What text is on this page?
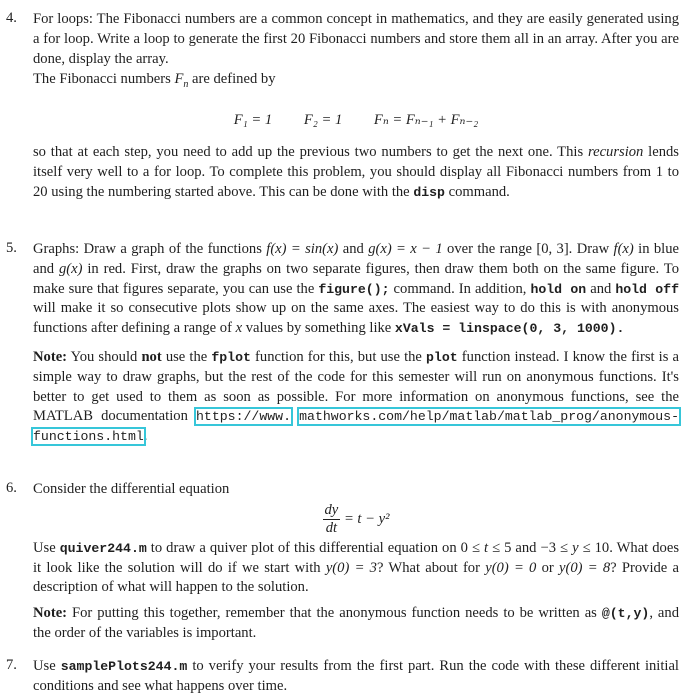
4. For loops: The Fibonacci numbers are a common concept in mathematics, and they are easily generated using a for loop. Write a loop to generate the first 20 Fibonacci numbers and store them all in an array. After you are done, display the array.

The Fibonacci numbers $F_n$ are defined by

F₁ = 1 F₂ = 1 Fₙ = Fₙ₋₁ + Fₙ₋₂

so that at each step, you need to add up the previous two numbers to get the next one. This recursion lends itself very well to a for loop. To complete this problem, you should display all Fibonacci numbers from 1 to 20 using the numbering started above. This can be done with the disp command.

5. Graphs: Draw a graph of the functions f(x) = sin(x) and g(x) = x − 1 over the range [0, 3]. Draw f(x) in blue and g(x) in red. First, draw the graphs on two separate figures, then draw them both on the same figure. To make sure that figures separate, you can use the figure(); command. In addition, hold on and hold off will make it so consecutive plots show up on the same axes. The easiest way to do this is with anonymous functions after defining a range of x values by something like xVals = linspace(0, 3, 1000).

Note: You should not use the fplot function for this, but use the plot function instead. I know the first is a simple way to draw graphs, but the rest of the code for this semester will run on anonymous functions. It's better to get used to them as soon as possible. For more information on anonymous functions, see the MATLAB documentation https://www. mathworks.com/help/matlab/matlab_prog/anonymous-functions.html.

6. Consider the differential equation

$\frac{dy}{dt} = t - y^2$

Use quiver244.m to draw a quiver plot of this differential equation on 0 ≤ t ≤ 5 and −3 ≤ y ≤ 10. What does it look like the solution will do if we start with y(0) = 3? What about for y(0) = 0 or y(0) = 8? Provide a description of what will happen to the solution.

Note: For putting this together, remember that the anonymous function needs to be written as @(t,y), and the order of the variables is important.

7. Use samplePlots244.m to verify your results from the first part. Run the code with these different initial conditions and see what happens over time.
